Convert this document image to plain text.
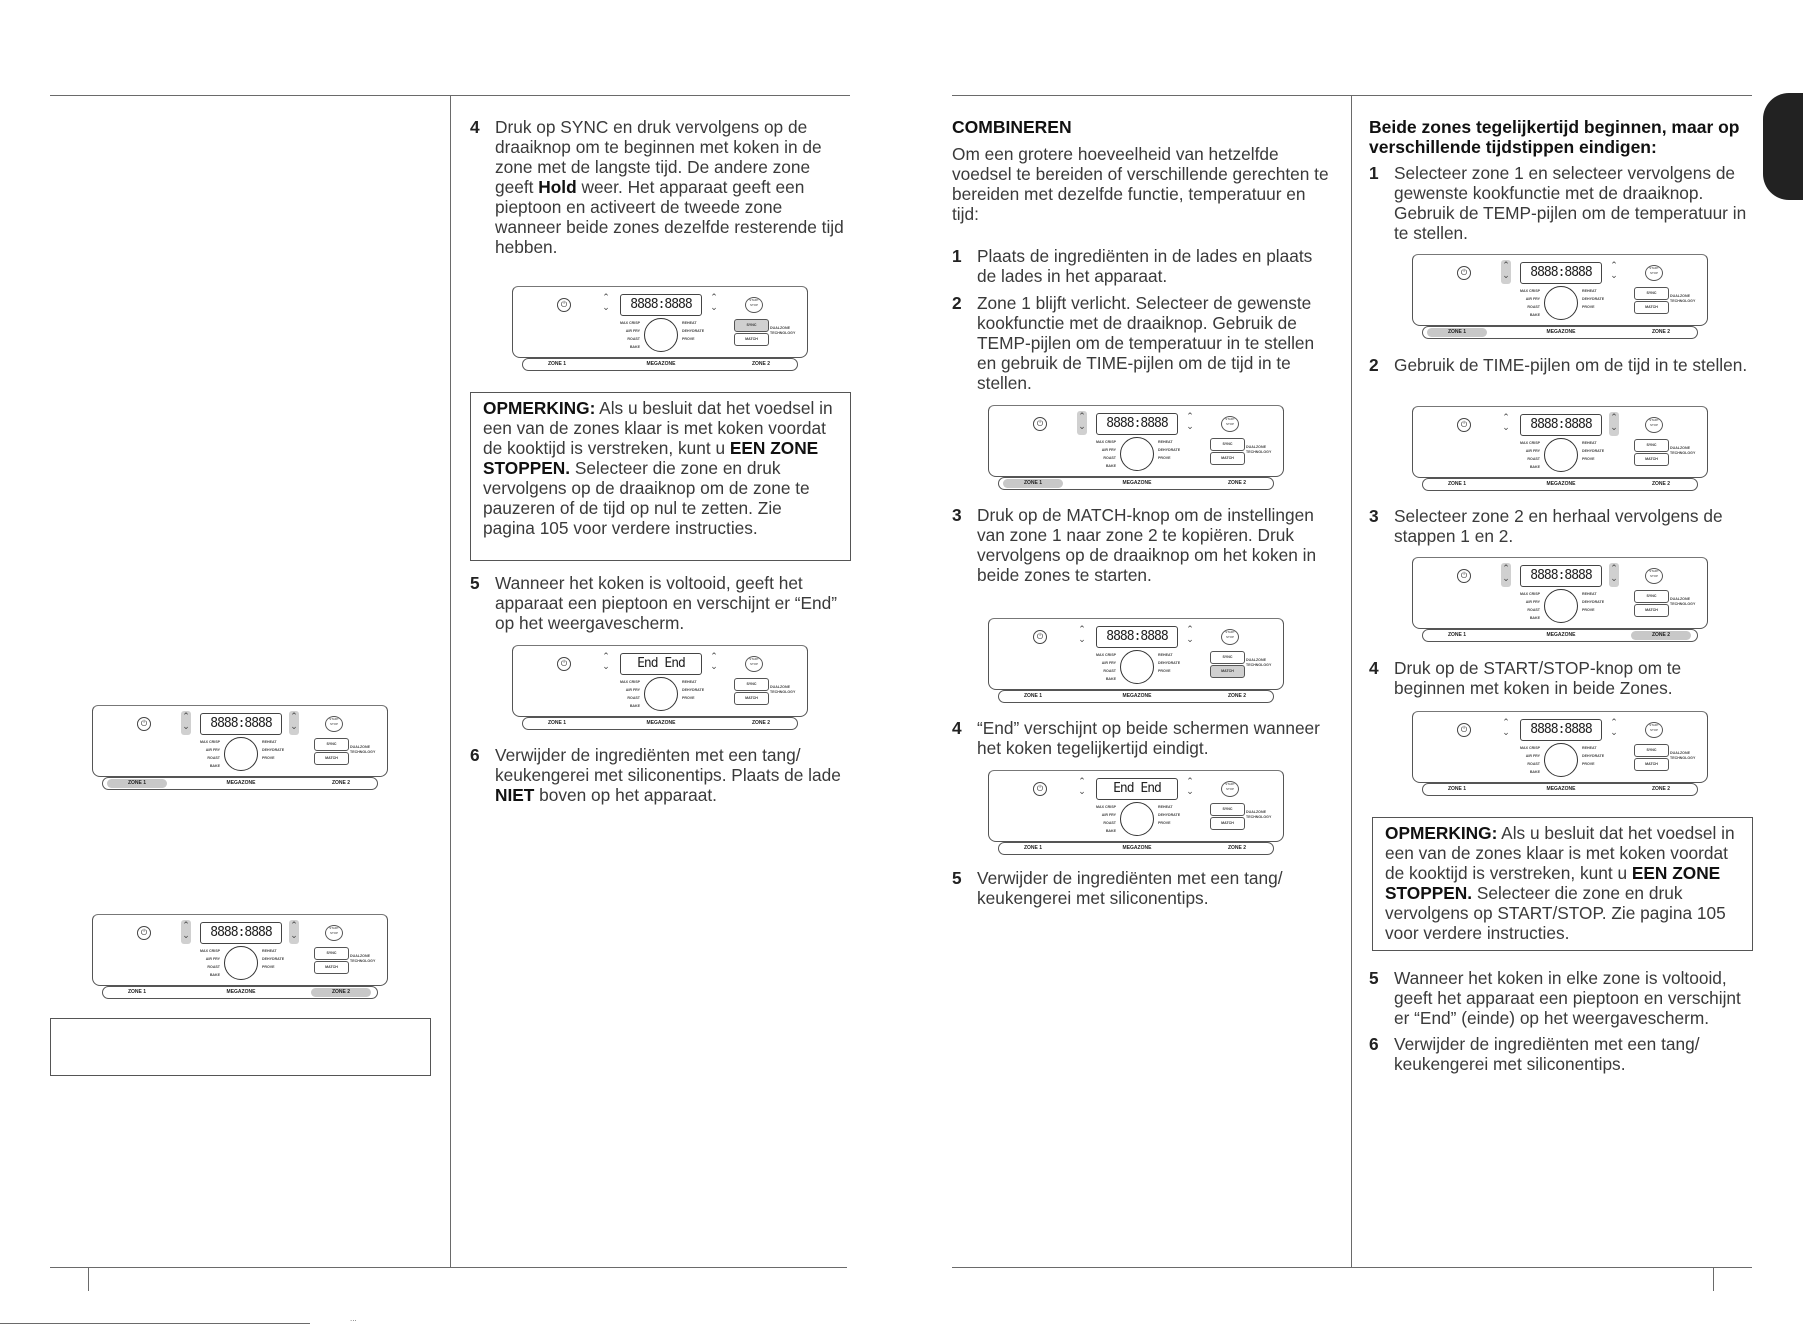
...
⏻
⌃
⌄	8888:8888	⌃
⌄
START STOP
MAX CRISP
AIR FRY
ROAST
BAKE
REHEAT
DEHYDRATE
PROVE
SYNC
MATCH
DUALZONE TECHNOLOGY
ZONE 1	MEGAZONE	ZONE 2
⏻
⌃
⌄	8888:8888	⌃
⌄
START STOP
MAX CRISP
AIR FRY
ROAST
BAKE
REHEAT
DEHYDRATE
PROVE
SYNC
MATCH
DUALZONE TECHNOLOGY
ZONE 1	MEGAZONE	ZONE 2
4 Druk op SYNC en druk vervolgens op de draaiknop om te beginnen met koken in de zone met de langste tijd. De andere zone geeft Hold weer. Het apparaat geeft een pieptoon en activeert de tweede zone wanneer beide zones dezelfde resterende tijd hebben.
⏻
⌃
⌄	8888:8888	⌃
⌄
START STOP
MAX CRISP
AIR FRY
ROAST
BAKE
REHEAT
DEHYDRATE
PROVE
SYNC
MATCH
DUALZONE TECHNOLOGY
ZONE 1	MEGAZONE	ZONE 2
OPMERKING: Als u besluit dat het voedsel in een van de zones klaar is met koken voordat de kooktijd is verstreken, kunt u EEN ZONE STOPPEN. Selecteer die zone en druk vervolgens op de draaiknop om de zone te pauzeren of de tijd op nul te zetten. Zie pagina 105 voor verdere instructies.
5 Wanneer het koken is voltooid, geeft het apparaat een pieptoon en verschijnt er “End” op het weergavescherm.
⏻
⌃
⌄	End End	⌃
⌄
START STOP
MAX CRISP
AIR FRY
ROAST
BAKE
REHEAT
DEHYDRATE
PROVE
SYNC
MATCH
DUALZONE TECHNOLOGY
ZONE 1	MEGAZONE	ZONE 2
6 Verwijder de ingrediënten met een tang/ keukengerei met siliconentips. Plaats de lade NIET boven op het apparaat.
COMBINEREN
Om een grotere hoeveelheid van hetzelfde voedsel te bereiden of verschillende gerechten te bereiden met dezelfde functie, temperatuur en tijd:
1 Plaats de ingrediënten in de lades en plaats de lades in het apparaat.
2 Zone 1 blijft verlicht. Selecteer de gewenste kookfunctie met de draaiknop. Gebruik de TEMP-pijlen om de temperatuur in te stellen en gebruik de TIME-pijlen om de tijd in te stellen.
⏻
⌃
⌄	8888:8888	⌃
⌄
START STOP
MAX CRISP
AIR FRY
ROAST
BAKE
REHEAT
DEHYDRATE
PROVE
SYNC
MATCH
DUALZONE TECHNOLOGY
ZONE 1	MEGAZONE	ZONE 2
3 Druk op de MATCH-knop om de instellingen van zone 1 naar zone 2 te kopiëren. Druk vervolgens op de draaiknop om het koken in beide zones te starten.
⏻
⌃
⌄	8888:8888	⌃
⌄
START STOP
MAX CRISP
AIR FRY
ROAST
BAKE
REHEAT
DEHYDRATE
PROVE
SYNC
MATCH
DUALZONE TECHNOLOGY
ZONE 1	MEGAZONE	ZONE 2
4 “End” verschijnt op beide schermen wanneer het koken tegelijkertijd eindigt.
⏻
⌃
⌄	End End	⌃
⌄
START STOP
MAX CRISP
AIR FRY
ROAST
BAKE
REHEAT
DEHYDRATE
PROVE
SYNC
MATCH
DUALZONE TECHNOLOGY
ZONE 1	MEGAZONE	ZONE 2
5 Verwijder de ingrediënten met een tang/ keukengerei met siliconentips.
Beide zones tegelijkertijd beginnen, maar op verschillende tijdstippen eindigen:
1 Selecteer zone 1 en selecteer vervolgens de gewenste kookfunctie met de draaiknop. Gebruik de TEMP-pijlen om de temperatuur in te stellen.
⏻
⌃
⌄	8888:8888	⌃
⌄
START STOP
MAX CRISP
AIR FRY
ROAST
BAKE
REHEAT
DEHYDRATE
PROVE
SYNC
MATCH
DUALZONE TECHNOLOGY
ZONE 1	MEGAZONE	ZONE 2
2 Gebruik de TIME-pijlen om de tijd in te stellen.
⏻
⌃
⌄	8888:8888	⌃
⌄
START STOP
MAX CRISP
AIR FRY
ROAST
BAKE
REHEAT
DEHYDRATE
PROVE
SYNC
MATCH
DUALZONE TECHNOLOGY
ZONE 1	MEGAZONE	ZONE 2
3 Selecteer zone 2 en herhaal vervolgens de stappen 1 en 2.
⏻
⌃
⌄	8888:8888	⌃
⌄
START STOP
MAX CRISP
AIR FRY
ROAST
BAKE
REHEAT
DEHYDRATE
PROVE
SYNC
MATCH
DUALZONE TECHNOLOGY
ZONE 1	MEGAZONE	ZONE 2
4 Druk op de START/STOP-knop om te beginnen met koken in beide Zones.
⏻
⌃
⌄	8888:8888	⌃
⌄
START STOP
MAX CRISP
AIR FRY
ROAST
BAKE
REHEAT
DEHYDRATE
PROVE
SYNC
MATCH
DUALZONE TECHNOLOGY
ZONE 1	MEGAZONE	ZONE 2
OPMERKING: Als u besluit dat het voedsel in een van de zones klaar is met koken voordat de kooktijd is verstreken, kunt u EEN ZONE STOPPEN. Selecteer die zone en druk vervolgens op START/STOP. Zie pagina 105 voor verdere instructies.
5 Wanneer het koken in elke zone is voltooid, geeft het apparaat een pieptoon en verschijnt er “End” (einde) op het weergavescherm.
6 Verwijder de ingrediënten met een tang/ keukengerei met siliconentips.
